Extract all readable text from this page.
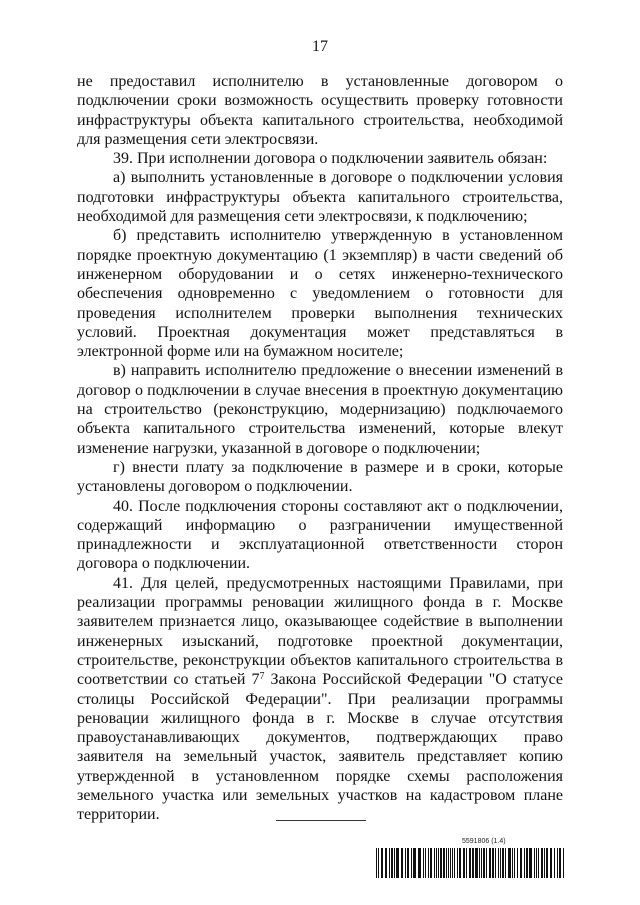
17

не предоставил исполнителю в установленные договором о подключении сроки возможность осуществить проверку готовности инфраструктуры объекта капитального строительства, необходимой для размещения сети электросвязи.

39. При исполнении договора о подключении заявитель обязан:

а) выполнить установленные в договоре о подключении условия подготовки инфраструктуры объекта капитального строительства, необходимой для размещения сети электросвязи, к подключению;

б) представить исполнителю утвержденную в установленном порядке проектную документацию (1 экземпляр) в части сведений об инженерном оборудовании и о сетях инженерно-технического обеспечения одновременно с уведомлением о готовности для проведения исполнителем проверки выполнения технических условий. Проектная документация может представляться в электронной форме или на бумажном носителе;

в) направить исполнителю предложение о внесении изменений в договор о подключении в случае внесения в проектную документацию на строительство (реконструкцию, модернизацию) подключаемого объекта капитального строительства изменений, которые влекут изменение нагрузки, указанной в договоре о подключении;

г) внести плату за подключение в размере и в сроки, которые установлены договором о подключении.

40. После подключения стороны составляют акт о подключении, содержащий информацию о разграничении имущественной принадлежности и эксплуатационной ответственности сторон договора о подключении.

41. Для целей, предусмотренных настоящими Правилами, при реализации программы реновации жилищного фонда в г. Москве заявителем признается лицо, оказывающее содействие в выполнении инженерных изысканий, подготовке проектной документации, строительстве, реконструкции объектов капитального строительства в соответствии со статьей $7^7$ Закона Российской Федерации "О статусе столицы Российской Федерации". При реализации программы реновации жилищного фонда в г. Москве в случае отсутствия правоустанавливающих документов, подтверждающих право заявителя на земельный участок, заявитель представляет копию утвержденной в установленном порядке схемы расположения земельного участка или земельных участков на кадастровом плане территории.

5591806 (1.4)
